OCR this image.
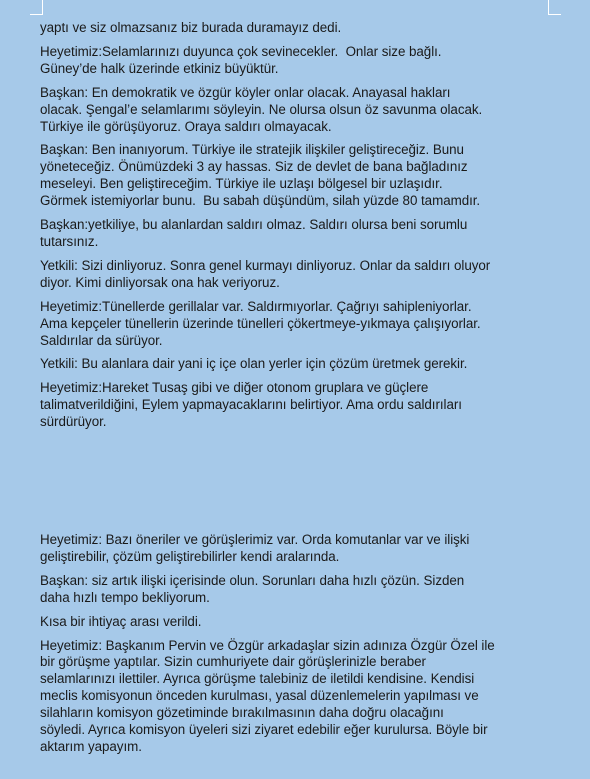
yaptı ve siz olmazsanız biz burada duramayız dedi.

Heyetimiz:Selamlarınızı duyunca çok sevinecekler.  Onlar size bağlı.
Güney’de halk üzerinde etkiniz büyüktür.

Başkan: En demokratik ve özgür köyler onlar olacak. Anayasal hakları
olacak. Şengal’e selamlarımı söyleyin. Ne olursa olsun öz savunma olacak.
Türkiye ile görüşüyoruz. Oraya saldırı olmayacak.

Başkan: Ben inanıyorum. Türkiye ile stratejik ilişkiler geliştireceğiz. Bunu
yöneteceğiz. Önümüzdeki 3 ay hassas. Siz de devlet de bana bağladınız
meseleyi. Ben geliştireceğim. Türkiye ile uzlaşı bölgesel bir uzlaşıdır.
Görmek istemiyorlar bunu.  Bu sabah düşündüm, silah yüzde 80 tamamdır.

Başkan:yetkiliye, bu alanlardan saldırı olmaz. Saldırı olursa beni sorumlu
tutarsınız.

Yetkili: Sizi dinliyoruz. Sonra genel kurmayı dinliyoruz. Onlar da saldırı oluyor
diyor. Kimi dinliyorsak ona hak veriyoruz.

Heyetimiz:Tünellerde gerillalar var. Saldırmıyorlar. Çağrıyı sahipleniyorlar.
Ama kepçeler tünellerin üzerinde tünelleri çökertmeye-yıkmaya çalışıyorlar.
Saldırılar da sürüyor.

Yetkili: Bu alanlara dair yani iç içe olan yerler için çözüm üretmek gerekir.

Heyetimiz:Hareket Tusaş gibi ve diğer otonom gruplara ve güçlere
talimatverildiğini, Eylem yapmayacaklarını belirtiyor. Ama ordu saldırıları
sürdürüyor.

Heyetimiz: Bazı öneriler ve görüşlerimiz var. Orda komutanlar var ve ilişki
geliştirebilir, çözüm geliştirebilirler kendi aralarında.

Başkan: siz artık ilişki içerisinde olun. Sorunları daha hızlı çözün. Sizden
daha hızlı tempo bekliyorum.

Kısa bir ihtiyaç arası verildi.

Heyetimiz: Başkanım Pervin ve Özgür arkadaşlar sizin adınıza Özgür Özel ile
bir görüşme yaptılar. Sizin cumhuriyete dair görüşlerinizle beraber
selamlarınızı ilettiler. Ayrıca görüşme talebiniz de iletildi kendisine. Kendisi
meclis komisyonun önceden kurulması, yasal düzenlemelerin yapılması ve
silahların komisyon gözetiminde bırakılmasının daha doğru olacağını
söyledi. Ayrıca komisyon üyeleri sizi ziyaret edebilir eğer kurulursa. Böyle bir
aktarım yapayım.
